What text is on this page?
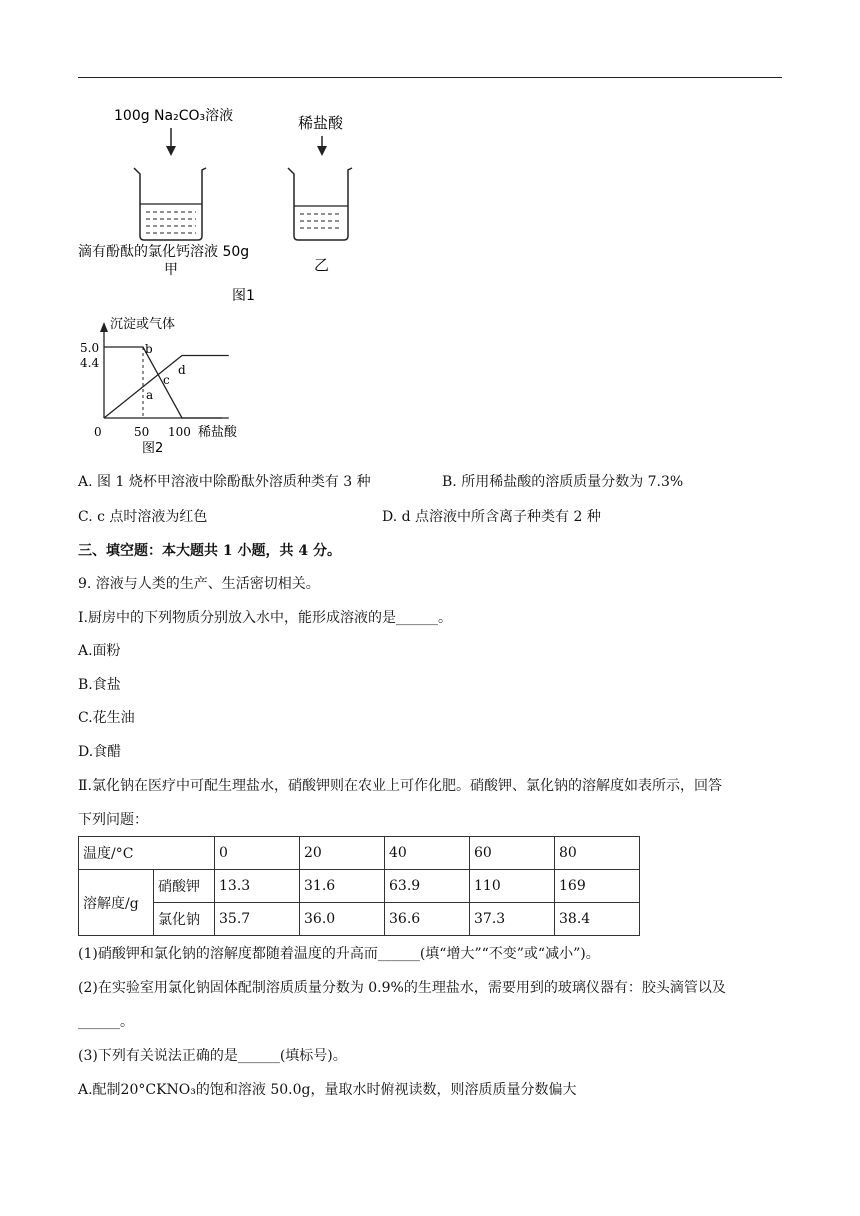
100g Na₂CO₃溶液	稀盐酸
滴有酚酞的氯化钙溶液 50g
甲	乙
图1
沉淀或气体
5.0
4.4
0	50 100 稀盐酸
图2
b
a
c
d
A. 图 1 烧杯甲溶液中除酚酞外溶质种类有 3 种	B. 所用稀盐酸的溶质质量分数为 7.3%
C. c 点时溶液为红色	D. d 点溶液中所含离子种类有 2 种
三、填空题：本大题共 1 小题，共 4 分。
9. 溶液与人类的生产、生活密切相关。
Ⅰ.厨房中的下列物质分别放入水中，能形成溶液的是______。
A.面粉
B.食盐
C.花生油
D.食醋
Ⅱ.氯化钠在医疗中可配生理盐水，硝酸钾则在农业上可作化肥。硝酸钾、氯化钠的溶解度如表所示，回答
下列问题：
温度/°C		0	20	40	60	80
溶解度/g	硝酸钾	13.3	31.6	63.9	110	169
	氯化钠	35.7	36.0	36.6	37.3	38.4
(1)硝酸钾和氯化钠的溶解度都随着温度的升高而______(填“增大”“不变”或“减小”)。
(2)在实验室用氯化钠固体配制溶质质量分数为 0.9%的生理盐水，需要用到的玻璃仪器有：胶头滴管以及
______。
(3)下列有关说法正确的是______(填标号)。
A.配制20°CKNO₃的饱和溶液 50.0g，量取水时俯视读数，则溶质质量分数偏大
